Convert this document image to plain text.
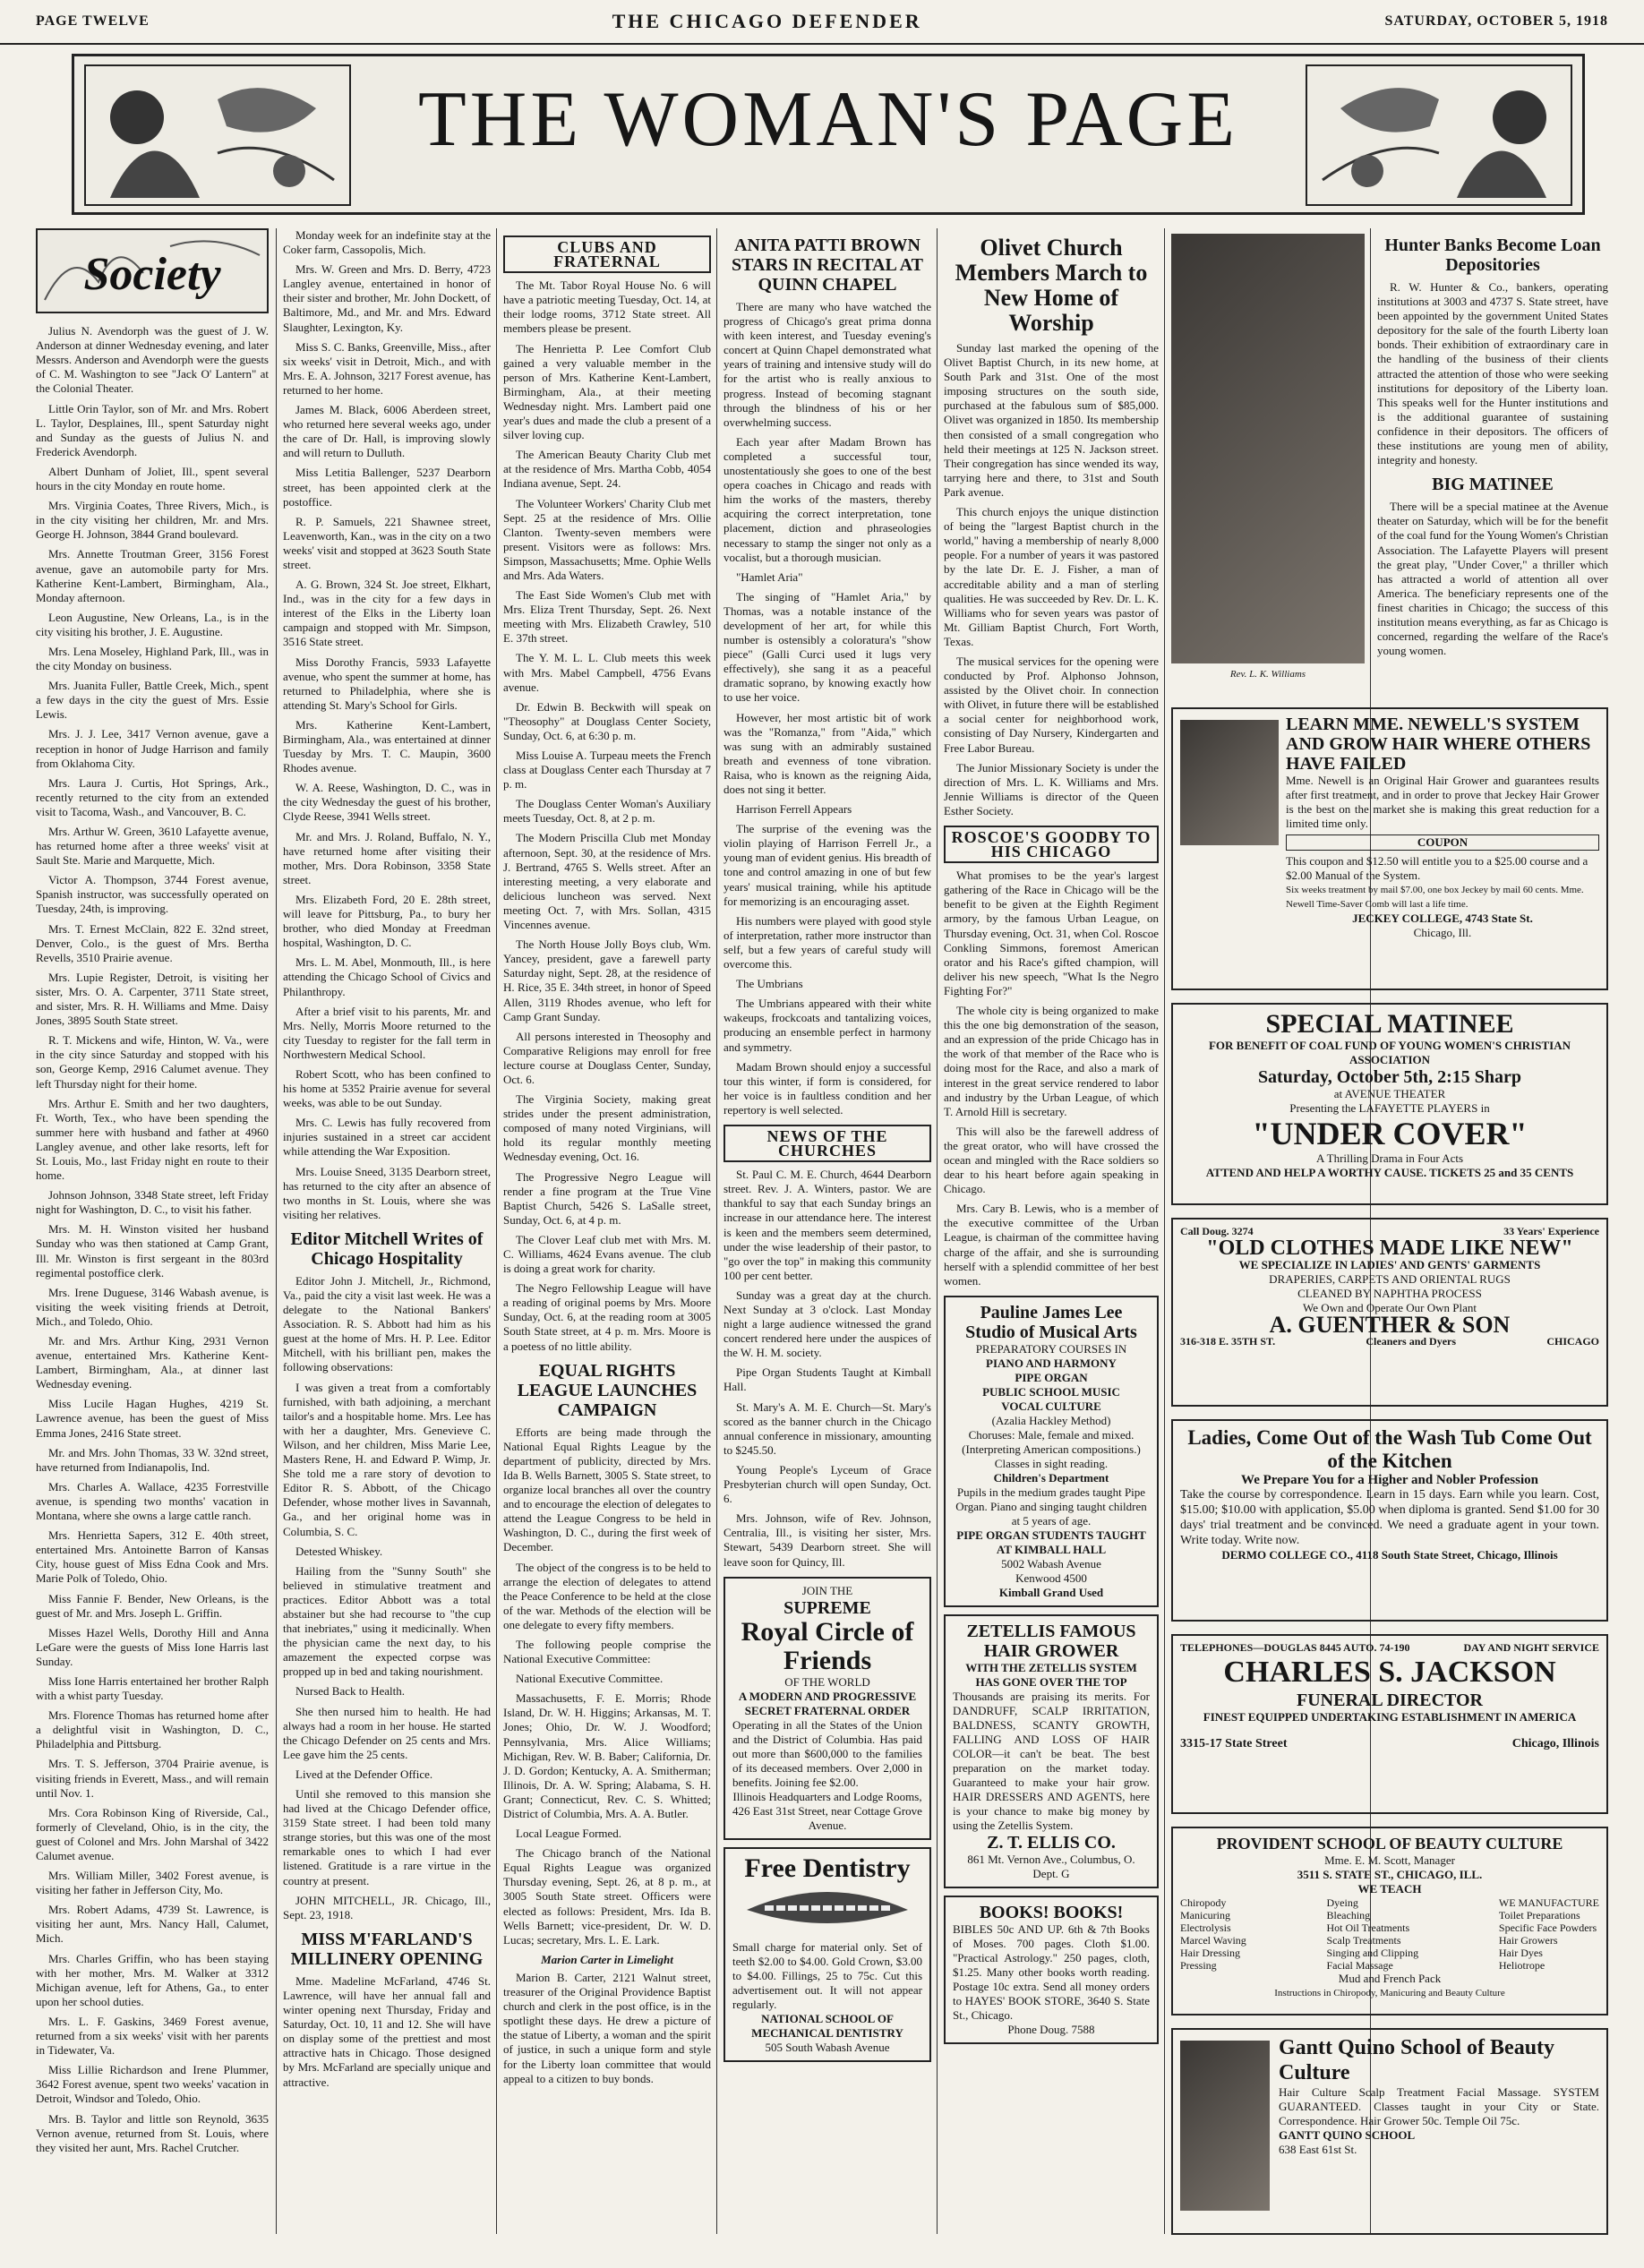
PAGE TWELVE	THE CHICAGO DEFENDER	SATURDAY, OCTOBER 5, 1918
THE WOMAN'S PAGE
Society

Julius N. Avendorph was the guest of J. W. Anderson at dinner Wednesday evening, and later Messrs. Anderson and Avendorph were the guests of C. M. Washington to see "Jack O' Lantern" at the Colonial Theater.

Little Orin Taylor, son of Mr. and Mrs. Robert L. Taylor, Desplaines, Ill., spent Saturday night and Sunday as the guests of Julius N. and Frederick Avendorph.

Albert Dunham of Joliet, Ill., spent several hours in the city Monday en route home.

Mrs. Virginia Coates, Three Rivers, Mich., is in the city visiting her children, Mr. and Mrs. George H. Johnson, 3844 Grand boulevard.

Mrs. Annette Troutman Greer, 3156 Forest avenue, gave an automobile party for Mrs. Katherine Kent-Lambert, Birmingham, Ala., Monday afternoon.

Leon Augustine, New Orleans, La., is in the city visiting his brother, J. E. Augustine.

Mrs. Lena Moseley, Highland Park, Ill., was in the city Monday on business.

Mrs. Juanita Fuller, Battle Creek, Mich., spent a few days in the city the guest of Mrs. Essie Lewis.

Mrs. J. J. Lee, 3417 Vernon avenue, gave a reception in honor of Judge Harrison and family from Oklahoma City.

Mrs. Laura J. Curtis, Hot Springs, Ark., recently returned to the city from an extended visit to Tacoma, Wash., and Vancouver, B. C.

Mrs. Arthur W. Green, 3610 Lafayette avenue, has returned home after a three weeks' visit at Sault Ste. Marie and Marquette, Mich.

Victor A. Thompson, 3744 Forest avenue, Spanish instructor, was successfully operated on Tuesday, 24th, is improving.

Mrs. T. Ernest McClain, 822 E. 32nd street, Denver, Colo., is the guest of Mrs. Bertha Revells, 3510 Prairie avenue.

Mrs. Lupie Register, Detroit, is visiting her sister, Mrs. O. A. Carpenter, 3711 State street, and sister, Mrs. R. H. Williams and Mme. Daisy Jones, 3895 South State street.

R. T. Mickens and wife, Hinton, W. Va., were in the city since Saturday and stopped with his son, George Kemp, 2916 Calumet avenue. They left Thursday night for their home.

Mrs. Arthur E. Smith and her two daughters, Ft. Worth, Tex., who have been spending the summer here with husband and father at 4960 Langley avenue, and other lake resorts, left for St. Louis, Mo., last Friday night en route to their home.

Johnson Johnson, 3348 State street, left Friday night for Washington, D. C., to visit his father.

Mrs. M. H. Winston visited her husband Sunday who was then stationed at Camp Grant, Ill. Mr. Winston is first sergeant in the 803rd regimental postoffice clerk.

Mrs. Irene Duguese, 3146 Wabash avenue, is visiting the week visiting friends at Detroit, Mich., and Toledo, Ohio.

Mr. and Mrs. Arthur King, 2931 Vernon avenue, entertained Mrs. Katherine Kent-Lambert, Birmingham, Ala., at dinner last Wednesday evening.

Miss Lucile Hagan Hughes, 4219 St. Lawrence avenue, has been the guest of Miss Emma Jones, 2416 State street.

Mr. and Mrs. John Thomas, 33 W. 32nd street, have returned from Indianapolis, Ind.

Mrs. Charles A. Wallace, 4235 Forrestville avenue, is spending two months' vacation in Montana, where she owns a large cattle ranch.

Mrs. Henrietta Sapers, 312 E. 40th street, entertained Mrs. Antoinette Barron of Kansas City, house guest of Miss Edna Cook and Mrs. Marie Polk of Toledo, Ohio.

Miss Fannie F. Bender, New Orleans, is the guest of Mr. and Mrs. Joseph L. Griffin.

Misses Hazel Wells, Dorothy Hill and Anna LeGare were the guests of Miss Ione Harris last Sunday.

Miss Ione Harris entertained her brother Ralph with a whist party Tuesday.

Mrs. Florence Thomas has returned home after a delightful visit in Washington, D. C., Philadelphia and Pittsburg.

Mrs. T. S. Jefferson, 3704 Prairie avenue, is visiting friends in Everett, Mass., and will remain until Nov. 1.

Mrs. Cora Robinson King of Riverside, Cal., formerly of Cleveland, Ohio, is in the city, the guest of Colonel and Mrs. John Marshal of 3422 Calumet avenue.

Mrs. William Miller, 3402 Forest avenue, is visiting her father in Jefferson City, Mo.

Mrs. Robert Adams, 4739 St. Lawrence, is visiting her aunt, Mrs. Nancy Hall, Calumet, Mich.

Mrs. Charles Griffin, who has been staying with her mother, Mrs. M. Walker at 3312 Michigan avenue, left for Athens, Ga., to enter upon her school duties.

Mrs. L. F. Gaskins, 3469 Forest avenue, returned from a six weeks' visit with her parents in Tidewater, Va.

Miss Lillie Richardson and Irene Plummer, 3642 Forest avenue, spent two weeks' vacation in Detroit, Windsor and Toledo, Ohio.

Mrs. B. Taylor and little son Reynold, 3635 Vernon avenue, returned from St. Louis, where they visited her aunt, Mrs. Rachel Crutcher.

Monday week for an indefinite stay at the Coker farm, Cassopolis, Mich.

Mrs. W. Green and Mrs. D. Berry, 4723 Langley avenue, entertained in honor of their sister and brother, Mr. John Dockett, of Baltimore, Md., and Mr. and Mrs. Edward Slaughter, Lexington, Ky.

Miss S. C. Banks, Greenville, Miss., after six weeks' visit in Detroit, Mich., and with Mrs. E. A. Johnson, 3217 Forest avenue, has returned to her home.

James M. Black, 6006 Aberdeen street, who returned here several weeks ago, under the care of Dr. Hall, is improving slowly and will return to Dulluth.

Miss Letitia Ballenger, 5237 Dearborn street, has been appointed clerk at the postoffice.

R. P. Samuels, 221 Shawnee street, Leavenworth, Kan., was in the city on a two weeks' visit and stopped at 3623 South State street.

A. G. Brown, 324 St. Joe street, Elkhart, Ind., was in the city for a few days in interest of the Elks in the Liberty loan campaign and stopped with Mr. Simpson, 3516 State street.

Miss Dorothy Francis, 5933 Lafayette avenue, who spent the summer at home, has returned to Philadelphia, where she is attending St. Mary's School for Girls.

Mrs. Katherine Kent-Lambert, Birmingham, Ala., was entertained at dinner Tuesday by Mrs. T. C. Maupin, 3600 Rhodes avenue.

W. A. Reese, Washington, D. C., was in the city Wednesday the guest of his brother, Clyde Reese, 3941 Wells street.

Mr. and Mrs. J. Roland, Buffalo, N. Y., have returned home after visiting their mother, Mrs. Dora Robinson, 3358 State street.

Mrs. Elizabeth Ford, 20 E. 28th street, will leave for Pittsburg, Pa., to bury her brother, who died Monday at Freedman hospital, Washington, D. C.

Mrs. L. M. Abel, Monmouth, Ill., is here attending the Chicago School of Civics and Philanthropy.

After a brief visit to his parents, Mr. and Mrs. Nelly, Morris Moore returned to the city Tuesday to register for the fall term in Northwestern Medical School.

Robert Scott, who has been confined to his home at 5352 Prairie avenue for several weeks, was able to be out Sunday.

Mrs. C. Lewis has fully recovered from injuries sustained in a street car accident while attending the War Exposition.

Mrs. Louise Sneed, 3135 Dearborn street, has returned to the city after an absence of two months in St. Louis, where she was visiting her relatives.

Editor Mitchell Writes of Chicago Hospitality

Editor John J. Mitchell, Jr., Richmond, Va., paid the city a visit last week. He was a delegate to the National Bankers' Association. R. S. Abbott had him as his guest at the home of Mrs. H. P. Lee. Editor Mitchell, with his brilliant pen, makes the following observations:

I was given a treat from a comfortably furnished, with bath adjoining, a merchant tailor's and a hospitable home. Mrs. Lee has with her a daughter, Mrs. Genevieve C. Wilson, and her children, Miss Marie Lee, Masters Rene, H. and Edward P. Wimp, Jr. She told me a rare story of devotion to Editor R. S. Abbott, of the Chicago Defender, whose mother lives in Savannah, Ga., and her original home was in Columbia, S. C.

Detested Whiskey.

Hailing from the "Sunny South" she believed in stimulative treatment and practices. Editor Abbott was a total abstainer but she had recourse to "the cup that inebriates," using it medicinally. When the physician came the next day, to his amazement the expected corpse was propped up in bed and taking nourishment.

Nursed Back to Health.

She then nursed him to health. He had always had a room in her house. He started the Chicago Defender on 25 cents and Mrs. Lee gave him the 25 cents.

Lived at the Defender Office.

Until she removed to this mansion she had lived at the Chicago Defender office, 3159 State street. I had been told many strange stories, but this was one of the most remarkable ones to which I had ever listened. Gratitude is a rare virtue in the country at present.

JOHN MITCHELL, JR. Chicago, Ill., Sept. 23, 1918.

MISS M'FARLAND'S MILLINERY OPENING

Mme. Madeline McFarland, 4746 St. Lawrence, will have her annual fall and winter opening next Thursday, Friday and Saturday, Oct. 10, 11 and 12. She will have on display some of the prettiest and most attractive hats in Chicago. Those designed by Mrs. McFarland are specially unique and attractive.

CLUBS AND FRATERNAL

The Mt. Tabor Royal House No. 6 will have a patriotic meeting Tuesday, Oct. 14, at their lodge rooms, 3712 State street. All members please be present.

The Henrietta P. Lee Comfort Club gained a very valuable member in the person of Mrs. Katherine Kent-Lambert, Birmingham, Ala., at their meeting Wednesday night. Mrs. Lambert paid one year's dues and made the club a present of a silver loving cup.

The American Beauty Charity Club met at the residence of Mrs. Martha Cobb, 4054 Indiana avenue, Sept. 24.

The Volunteer Workers' Charity Club met Sept. 25 at the residence of Mrs. Ollie Clanton. Twenty-seven members were present. Visitors were as follows: Mrs. Simpson, Massachusetts; Mme. Ophie Wells and Mrs. Ada Waters.

The East Side Women's Club met with Mrs. Eliza Trent Thursday, Sept. 26. Next meeting with Mrs. Elizabeth Crawley, 510 E. 37th street.

The Y. M. L. L. Club meets this week with Mrs. Mabel Campbell, 4756 Evans avenue.

Dr. Edwin B. Beckwith will speak on "Theosophy" at Douglass Center Society, Sunday, Oct. 6, at 6:30 p. m.

Miss Louise A. Turpeau meets the French class at Douglass Center each Thursday at 7 p. m.

The Douglass Center Woman's Auxiliary meets Tuesday, Oct. 8, at 2 p. m.

The Modern Priscilla Club met Monday afternoon, Sept. 30, at the residence of Mrs. J. Bertrand, 4765 S. Wells street. After an interesting meeting, a very elaborate and delicious luncheon was served. Next meeting Oct. 7, with Mrs. Sollan, 4315 Vincennes avenue.

The North House Jolly Boys club, Wm. Yancey, president, gave a farewell party Saturday night, Sept. 28, at the residence of H. Rice, 35 E. 34th street, in honor of Speed Allen, 3119 Rhodes avenue, who left for Camp Grant Sunday.

All persons interested in Theosophy and Comparative Religions may enroll for free lecture course at Douglass Center, Sunday, Oct. 6.

The Virginia Society, making great strides under the present administration, composed of many noted Virginians, will hold its regular monthly meeting Wednesday evening, Oct. 16.

The Progressive Negro League will render a fine program at the True Vine Baptist Church, 5426 S. LaSalle street, Sunday, Oct. 6, at 4 p. m.

The Clover Leaf club met with Mrs. M. C. Williams, 4624 Evans avenue. The club is doing a great work for charity.

The Negro Fellowship League will have a reading of original poems by Mrs. Moore Sunday, Oct. 6, at the reading room at 3005 South State street, at 4 p. m. Mrs. Moore is a poetess of no little ability.

EQUAL RIGHTS LEAGUE LAUNCHES CAMPAIGN

Efforts are being made through the National Equal Rights League by the department of publicity, directed by Mrs. Ida B. Wells Barnett, 3005 S. State street, to organize local branches all over the country and to encourage the election of delegates to attend the League Congress to be held in Washington, D. C., during the first week of December.

The object of the congress is to be held to arrange the election of delegates to attend the Peace Conference to be held at the close of the war. Methods of the election will be one delegate to every fifty members.

The following people comprise the National Executive Committee:

National Executive Committee.

Massachusetts, F. E. Morris; Rhode Island, Dr. W. H. Higgins; Arkansas, M. T. Jones; Ohio, Dr. W. J. Woodford; Pennsylvania, Mrs. Alice Williams; Michigan, Rev. W. B. Baber; California, Dr. J. D. Gordon; Kentucky, A. A. Smitherman; Illinois, Dr. A. W. Spring; Alabama, S. H. Grant; Connecticut, Rev. C. S. Whitted; District of Columbia, Mrs. A. A. Butler.

Local League Formed.

The Chicago branch of the National Equal Rights League was organized Thursday evening, Sept. 26, at 8 p. m., at 3005 South State street. Officers were elected as follows: President, Mrs. Ida B. Wells Barnett; vice-president, Dr. W. D. Lucas; secretary, Mrs. L. E. Lark.

Marion Carter in Limelight

Marion B. Carter, 2121 Walnut street, treasurer of the Original Providence Baptist church and clerk in the post office, is in the spotlight these days. He drew a picture of the statue of Liberty, a woman and the spirit of justice, in such a unique form and style for the Liberty loan committee that would appeal to a citizen to buy bonds.

ANITA PATTI BROWN STARS IN RECITAL AT QUINN CHAPEL

There are many who have watched the progress of Chicago's great prima donna with keen interest, and Tuesday evening's concert at Quinn Chapel demonstrated what years of training and intensive study will do for the artist who is really anxious to progress. Instead of becoming stagnant through the blindness of his or her overwhelming success.

Each year after Madam Brown has completed a successful tour, unostentatiously she goes to one of the best opera coaches in Chicago and reads with him the works of the masters, thereby acquiring the correct interpretation, tone placement, diction and phraseologies necessary to stamp the singer not only as a vocalist, but a thorough musician.

"Hamlet Aria"

The singing of "Hamlet Aria," by Thomas, was a notable instance of the development of her art, for while this number is ostensibly a coloratura's "show piece" (Galli Curci used it lugs very effectively), she sang it as a peaceful dramatic soprano, by knowing exactly how to use her voice.

However, her most artistic bit of work was the "Romanza," from "Aida," which was sung with an admirably sustained breath and evenness of tone vibration. Raisa, who is known as the reigning Aida, does not sing it better.

Harrison Ferrell Appears

The surprise of the evening was the violin playing of Harrison Ferrell Jr., a young man of evident genius. His breadth of tone and control amazing in one of but few years' musical training, while his aptitude for memorizing is an encouraging asset.

His numbers were played with good style of interpretation, rather more instructor than self, but a few years of careful study will overcome this.

The Umbrians

The Umbrians appeared with their white wakeups, frockcoats and tantalizing voices, producing an ensemble perfect in harmony and symmetry.

Madam Brown should enjoy a successful tour this winter, if form is considered, for her voice is in faultless condition and her repertory is well selected.

NEWS OF THE CHURCHES

St. Paul C. M. E. Church, 4644 Dearborn street. Rev. J. A. Winters, pastor. We are thankful to say that each Sunday brings an increase in our attendance here. The interest is keen and the members seem determined, under the wise leadership of their pastor, to "go over the top" in making this community 100 per cent better.

Sunday was a great day at the church. Next Sunday at 3 o'clock. Last Monday night a large audience witnessed the grand concert rendered here under the auspices of the W. H. M. society.

Pipe Organ Students Taught at Kimball Hall.

St. Mary's A. M. E. Church—St. Mary's scored as the banner church in the Chicago annual conference in missionary, amounting to $245.50.

Young People's Lyceum of Grace Presbyterian church will open Sunday, Oct. 6.

Mrs. Johnson, wife of Rev. Johnson, Centralia, Ill., is visiting her sister, Mrs. Stewart, 5439 Dearborn street. She will leave soon for Quincy, Ill.

JOIN THE
SUPREME
Royal Circle of Friends
OF THE WORLD
A MODERN AND PROGRESSIVE SECRET FRATERNAL ORDER
Operating in all the States of the Union and the District of Columbia. Has paid out more than $600,000 to the families of its deceased members. Over 2,000 in benefits. Joining fee $2.00.
Illinois Headquarters and Lodge Rooms, 426 East 31st Street, near Cottage Grove Avenue.
Free Dentistry
Small charge for material only. Set of teeth $2.00 to $4.00. Gold Crown, $3.00 to $4.00. Fillings, 25 to 75c. Cut this advertisement out. It will not appear regularly.
NATIONAL SCHOOL OF MECHANICAL DENTISTRY
505 South Wabash Avenue
Olivet Church Members March to New Home of Worship

Sunday last marked the opening of the Olivet Baptist Church, in its new home, at South Park and 31st. One of the most imposing structures on the south side, purchased at the fabulous sum of $85,000. Olivet was organized in 1850. Its membership then consisted of a small congregation who held their meetings at 125 N. Jackson street. Their congregation has since wended its way, tarrying here and there, to 31st and South Park avenue.

This church enjoys the unique distinction of being the "largest Baptist church in the world," having a membership of nearly 8,000 people. For a number of years it was pastored by the late Dr. E. J. Fisher, a man of accreditable ability and a man of sterling qualities. He was succeeded by Rev. Dr. L. K. Williams who for seven years was pastor of Mt. Gilliam Baptist Church, Fort Worth, Texas.

The musical services for the opening were conducted by Prof. Alphonso Johnson, assisted by the Olivet choir. In connection with Olivet, in future there will be established a social center for neighborhood work, consisting of Day Nursery, Kindergarten and Free Labor Bureau.

The Junior Missionary Society is under the direction of Mrs. L. K. Williams and Mrs. Jennie Williams is director of the Queen Esther Society.

ROSCOE'S GOODBY TO HIS CHICAGO

What promises to be the year's largest gathering of the Race in Chicago will be the benefit to be given at the Eighth Regiment armory, by the famous Urban League, on Thursday evening, Oct. 31, when Col. Roscoe Conkling Simmons, foremost American orator and his Race's gifted champion, will deliver his new speech, "What Is the Negro Fighting For?"

The whole city is being organized to make this the one big demonstration of the season, and an expression of the pride Chicago has in the work of that member of the Race who is doing most for the Race, and also a mark of interest in the great service rendered to labor and industry by the Urban League, of which T. Arnold Hill is secretary.

This will also be the farewell address of the great orator, who will have crossed the ocean and mingled with the Race soldiers so dear to his heart before again speaking in Chicago.

Mrs. Cary B. Lewis, who is a member of the executive committee of the Urban League, is chairman of the committee having charge of the affair, and she is surrounding herself with a splendid committee of her best women.

Pauline James Lee
Studio of Musical Arts
PREPARATORY COURSES IN
PIANO AND HARMONY
PIPE ORGAN
PUBLIC SCHOOL MUSIC
VOCAL CULTURE
(Azalia Hackley Method)
Choruses: Male, female and mixed. (Interpreting American compositions.) Classes in sight reading.
Children's Department
Pupils in the medium grades taught Pipe Organ. Piano and singing taught children at 5 years of age.
PIPE ORGAN STUDENTS TAUGHT AT KIMBALL HALL
5002 Wabash Avenue
Kenwood 4500
Kimball Grand Used
ZETELLIS FAMOUS HAIR GROWER
WITH THE ZETELLIS SYSTEM HAS GONE OVER THE TOP
Thousands are praising its merits. For DANDRUFF, SCALP IRRITATION, BALDNESS, SCANTY GROWTH, FALLING AND LOSS OF HAIR COLOR—it can't be beat. The best preparation on the market today. Guaranteed to make your hair grow. HAIR DRESSERS AND AGENTS, here is your chance to make big money by using the Zetellis System.
Z. T. ELLIS CO.
861 Mt. Vernon Ave., Columbus, O.
Dept. G
BOOKS! BOOKS!
BIBLES 50c AND UP. 6th & 7th Books of Moses. 700 pages. Cloth $1.00. "Practical Astrology." 250 pages, cloth, $1.25. Many other books worth reading. Postage 10c extra. Send all money orders to HAYES' BOOK STORE, 3640 S. State St., Chicago.
Phone Doug. 7588
Hunter Banks Become Loan Depositories

R. W. Hunter & Co., bankers, operating institutions at 3003 and 4737 S. State street, have been appointed by the government United States depository for the sale of the fourth Liberty loan bonds. Their exhibition of extraordinary care in the handling of the business of their clients attracted the attention of those who were seeking institutions for depository of the Liberty loan. This speaks well for the Hunter institutions and is the additional guarantee of sustaining confidence in their depositors. The officers of these institutions are young men of ability, integrity and honesty.

BIG MATINEE

There will be a special matinee at the Avenue theater on Saturday, which will be for the benefit of the coal fund for the Young Women's Christian Association. The Lafayette Players will present the great play, "Under Cover," a thriller which has attracted a world of attention all over America. The beneficiary represents one of the finest charities in Chicago; the success of this institution means everything, as far as Chicago is concerned, regarding the welfare of the Race's young women.

Rev. L. K. Williams
LEARN MME. NEWELL'S SYSTEM AND GROW HAIR WHERE OTHERS HAVE FAILED
Mme. Newell is an Original Hair Grower and guarantees results after first treatment, and in order to prove that Jeckey Hair Grower is the best on the market she is making this great reduction for a limited time only.
COUPON
This coupon and $12.50 will entitle you to a $25.00 course and a $2.00 Manual of the System.
Six weeks treatment by mail $7.00, one box Jeckey by mail 60 cents. Mme. Newell Time-Saver Comb will last a life time.
JECKEY COLLEGE, 4743 State St.
Chicago, Ill.
SPECIAL MATINEE
FOR BENEFIT OF COAL FUND OF YOUNG WOMEN'S CHRISTIAN ASSOCIATION
Saturday, October 5th, 2:15 Sharp
at AVENUE THEATER
Presenting the LAFAYETTE PLAYERS in
"UNDER COVER"
A Thrilling Drama in Four Acts
ATTEND AND HELP A WORTHY CAUSE. TICKETS 25 and 35 CENTS
Call Doug. 3274	33 Years' Experience
"OLD CLOTHES MADE LIKE NEW"
WE SPECIALIZE IN LADIES' AND GENTS' GARMENTS
DRAPERIES, CARPETS AND ORIENTAL RUGS
CLEANED BY NAPHTHA PROCESS
We Own and Operate Our Own Plant
A. GUENTHER & SON
316-318 E. 35TH ST.	Cleaners and Dyers	CHICAGO
Ladies, Come Out of the Wash Tub Come Out of the Kitchen
We Prepare You for a Higher and Nobler Profession
Take the course by correspondence. Learn in 15 days. Earn while you learn. Cost, $15.00; $10.00 with application, $5.00 when diploma is granted. Send $1.00 for 30 days' trial treatment and be convinced. We need a graduate agent in your town. Write today. Write now.
DERMO COLLEGE CO., 4118 South State Street, Chicago, Illinois
TELEPHONES—DOUGLAS 8445 AUTO. 74-190	DAY AND NIGHT SERVICE
CHARLES S. JACKSON
FUNERAL DIRECTOR
FINEST EQUIPPED UNDERTAKING ESTABLISHMENT IN AMERICA
3315-17 State Street	Chicago, Illinois
PROVIDENT SCHOOL OF BEAUTY CULTURE
Mme. E. M. Scott, Manager
3511 S. STATE ST., CHICAGO, ILL.
WE TEACH
Chiropody
Manicuring
Electrolysis
Marcel Waving
Hair Dressing
Pressing
Dyeing
Bleaching
Hot Oil Treatments
Scalp Treatments
Singing and Clipping
Facial Massage
WE MANUFACTURE
Toilet Preparations
Specific Face Powders
Hair Growers
Hair Dyes
Heliotrope
Mud and French Pack
Instructions in Chiropody, Manicuring and Beauty Culture
Gantt Quino School of Beauty Culture
Hair Culture Scalp Treatment Facial Massage. SYSTEM GUARANTEED. Classes taught in your City or State. Correspondence. Hair Grower 50c. Temple Oil 75c.
GANTT QUINO SCHOOL
638 East 61st St.
